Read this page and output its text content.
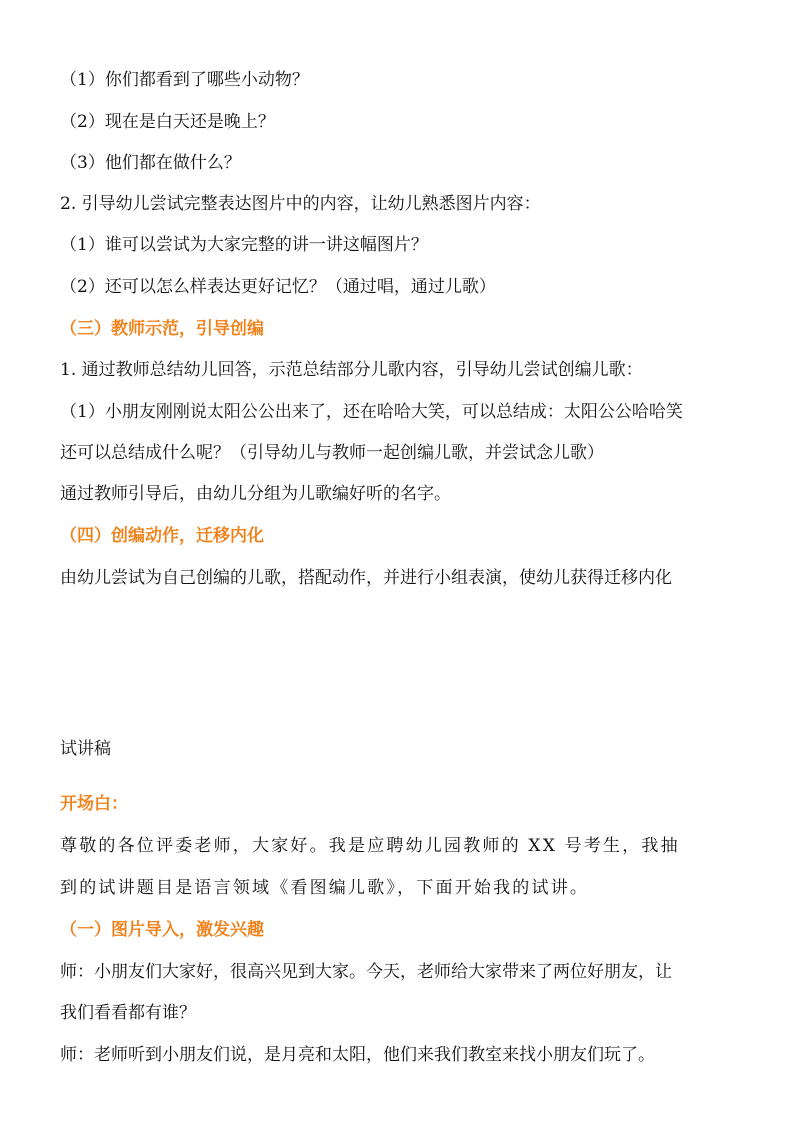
（1）你们都看到了哪些小动物？
（2）现在是白天还是晚上？
（3）他们都在做什么？
2. 引导幼儿尝试完整表达图片中的内容，让幼儿熟悉图片内容：
（1）谁可以尝试为大家完整的讲一讲这幅图片？
（2）还可以怎么样表达更好记忆？（通过唱，通过儿歌）
（三）教师示范，引导创编
1. 通过教师总结幼儿回答，示范总结部分儿歌内容，引导幼儿尝试创编儿歌：
（1）小朋友刚刚说太阳公公出来了，还在哈哈大笑，可以总结成：太阳公公哈哈笑
还可以总结成什么呢？（引导幼儿与教师一起创编儿歌，并尝试念儿歌）
通过教师引导后，由幼儿分组为儿歌编好听的名字。
（四）创编动作，迁移内化
由幼儿尝试为自己创编的儿歌，搭配动作，并进行小组表演，使幼儿获得迁移内化
试讲稿
开场白：
尊敬的各位评委老师，大家好。我是应聘幼儿园教师的 XX 号考生，我抽
到的试讲题目是语言领域《看图编儿歌》，下面开始我的试讲。
（一）图片导入，激发兴趣
师：小朋友们大家好，很高兴见到大家。今天，老师给大家带来了两位好朋友，让
我们看看都有谁？
师：老师听到小朋友们说，是月亮和太阳，他们来我们教室来找小朋友们玩了。
